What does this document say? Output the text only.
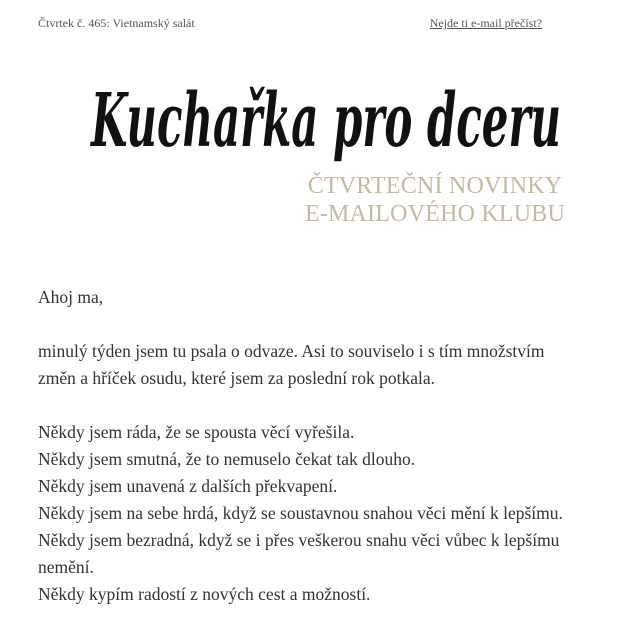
Čtvrtek č. 465: Vietnamský salát	Nejde ti e-mail přečíst?
Kuchařka pro dceru
ČTVRTEČNÍ NOVINKY
E-MAILOVÉHO KLUBU

Ahoj ma,

minulý týden jsem tu psala o odvaze. Asi to souviselo i s tím množstvím
změn a hříček osudu, které jsem za poslední rok potkala.

Někdy jsem ráda, že se spousta věcí vyřešila.
Někdy jsem smutná, že to nemuselo čekat tak dlouho.
Někdy jsem unavená z dalších překvapení.
Někdy jsem na sebe hrdá, když se soustavnou snahou věci mění k lepšímu.
Někdy jsem bezradná, když se i přes veškerou snahu věci vůbec k lepšímu
nemění.
Někdy kypím radostí z nových cest a možností.
